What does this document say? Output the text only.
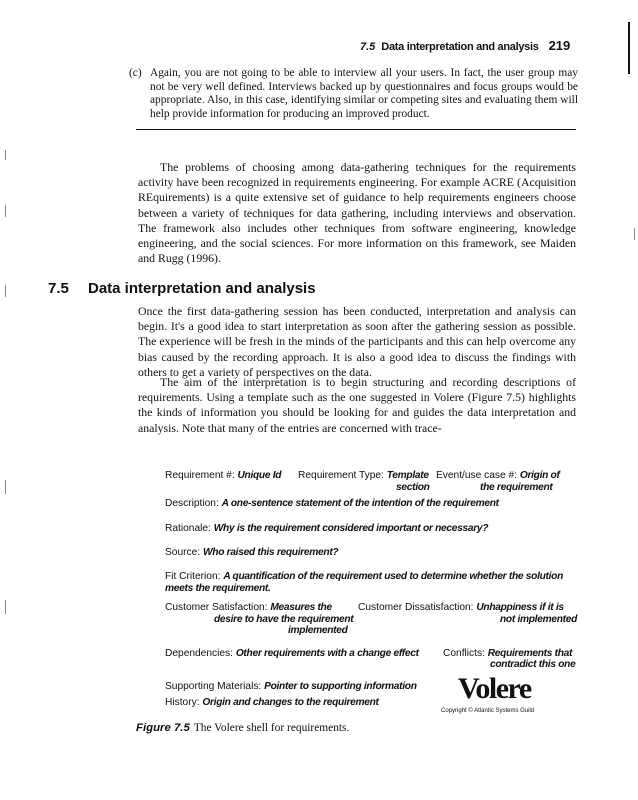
7.5 Data interpretation and analysis 219
(c) Again, you are not going to be able to interview all your users. In fact, the user group may not be very well defined. Interviews backed up by questionnaires and focus groups would be appropriate. Also, in this case, identifying similar or competing sites and evaluating them will help provide information for producing an improved product.

The problems of choosing among data-gathering techniques for the requirements activity have been recognized in requirements engineering. For example ACRE (Acquisition REquirements) is a quite extensive set of guidance to help requirements engineers choose between a variety of techniques for data gathering, including interviews and observation. The framework also includes other techniques from software engineering, knowledge engineering, and the social sciences. For more information on this framework, see Maiden and Rugg (1996).

7.5 Data interpretation and analysis

Once the first data-gathering session has been conducted, interpretation and analysis can begin. It's a good idea to start interpretation as soon after the gathering session as possible. The experience will be fresh in the minds of the participants and this can help overcome any bias caused by the recording approach. It is also a good idea to discuss the findings with others to get a variety of perspectives on the data.

The aim of the interpretation is to begin structuring and recording descriptions of requirements. Using a template such as the one suggested in Volere (Figure 7.5) highlights the kinds of information you should be looking for and guides the data interpretation and analysis. Note that many of the entries are concerned with trace-

Requirement #: Unique Id Requirement Type: Template
section
Event/use case #: Origin of
the requirement
Description: A one-sentence statement of the intention of the requirement
Rationale: Why is the requirement considered important or necessary?
Source: Who raised this requirement?
Fit Criterion: A quantification of the requirement used to determine whether the solution
meets the requirement.
Customer Satisfaction: Measures the
desire to have the requirement
implemented
Customer Dissatisfaction: Unhappiness if it is
not implemented
Dependencies: Other requirements with a change effect Conflicts: Requirements that
contradict this one
Supporting Materials: Pointer to supporting information
History: Origin and changes to the requirement	Volere
Copyright © Atlantic Systems Guild
Figure 7.5 The Volere shell for requirements.
